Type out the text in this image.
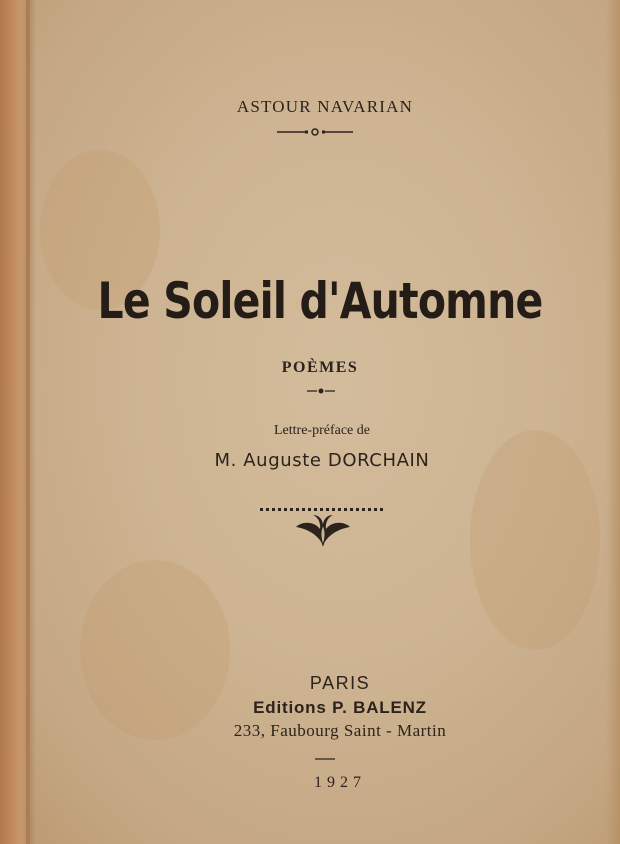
ASTOUR NAVARIAN
Le Soleil d'Automne
POÈMES
Lettre-préface de
M. Auguste DORCHAIN
PARIS
Editions P. BALENZ
233, Faubourg Saint - Martin
1927
